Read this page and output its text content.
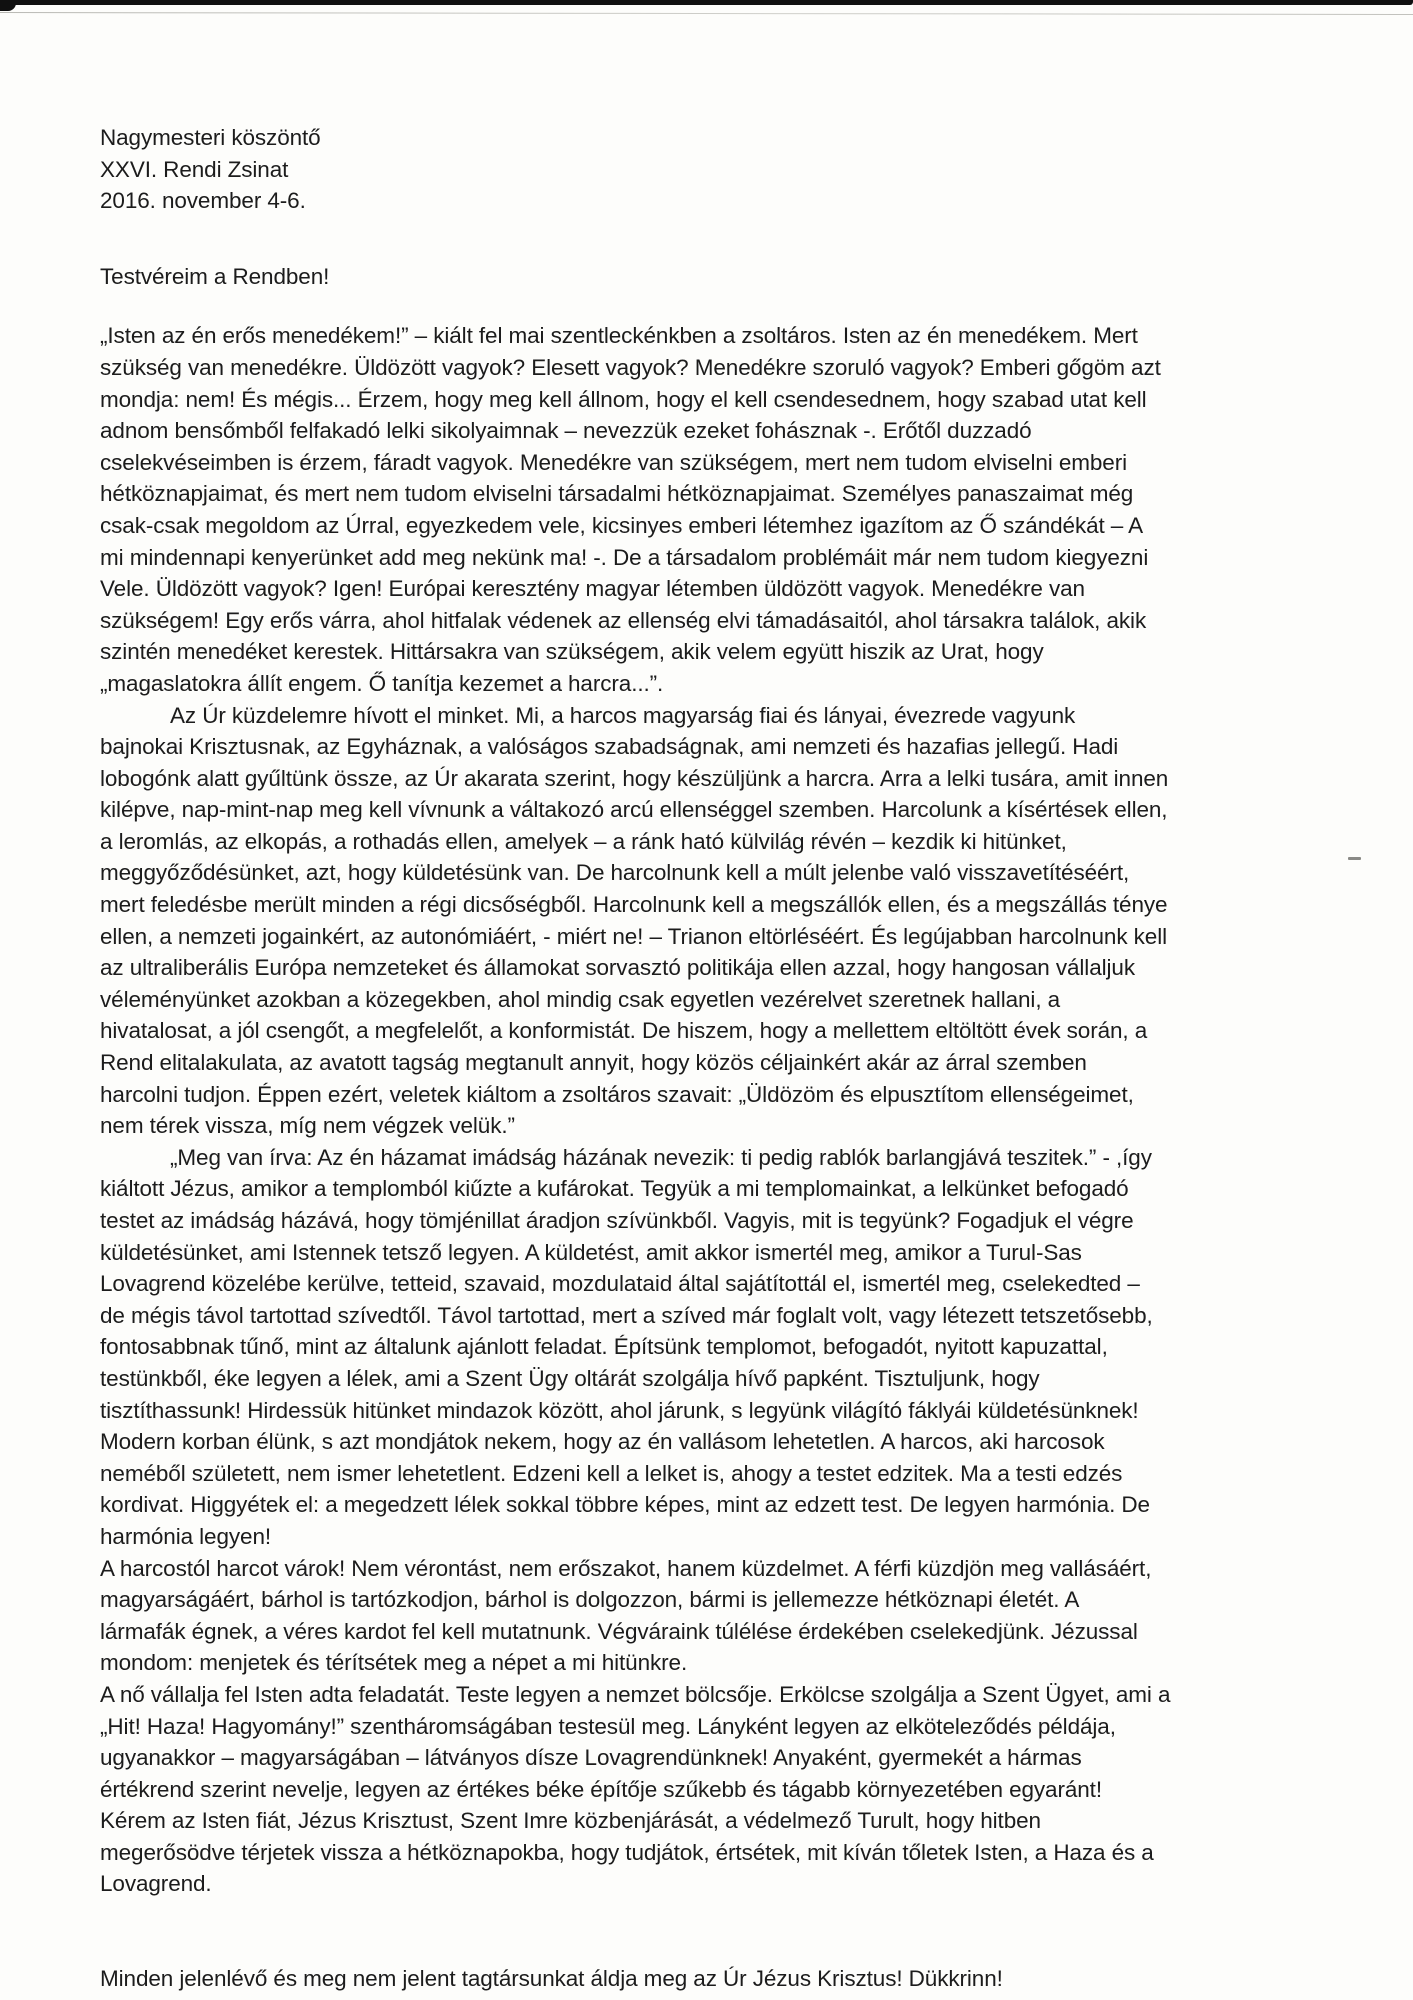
Nagymesteri köszöntő
XXVI. Rendi Zsinat
2016. november 4-6.

Testvéreim a Rendben!

„Isten az én erős menedékem!” – kiált fel mai szentleckénkben a zsoltáros. Isten az én menedékem. Mert
szükség van menedékre. Üldözött vagyok? Elesett vagyok? Menedékre szoruló vagyok? Emberi gőgöm azt
mondja: nem! És mégis... Érzem, hogy meg kell állnom, hogy el kell csendesednem, hogy szabad utat kell
adnom bensőmből felfakadó lelki sikolyaimnak – nevezzük ezeket fohásznak -. Erőtől duzzadó
cselekvéseimben is érzem, fáradt vagyok. Menedékre van szükségem, mert nem tudom elviselni emberi
hétköznapjaimat, és mert nem tudom elviselni társadalmi hétköznapjaimat. Személyes panaszaimat még
csak-csak megoldom az Úrral, egyezkedem vele, kicsinyes emberi létemhez igazítom az Ő szándékát – A
mi mindennapi kenyerünket add meg nekünk ma! -. De a társadalom problémáit már nem tudom kiegyezni
Vele. Üldözött vagyok? Igen! Európai keresztény magyar létemben üldözött vagyok. Menedékre van
szükségem! Egy erős várra, ahol hitfalak védenek az ellenség elvi támadásaitól, ahol társakra találok, akik
szintén menedéket kerestek. Hittársakra van szükségem, akik velem együtt hiszik az Urat, hogy
„magaslatokra állít engem. Ő tanítja kezemet a harcra...”.
Az Úr küzdelemre hívott el minket. Mi, a harcos magyarság fiai és lányai, évezrede vagyunk
bajnokai Krisztusnak, az Egyháznak, a valóságos szabadságnak, ami nemzeti és hazafias jellegű. Hadi
lobogónk alatt gyűltünk össze, az Úr akarata szerint, hogy készüljünk a harcra. Arra a lelki tusára, amit innen
kilépve, nap-mint-nap meg kell vívnunk a váltakozó arcú ellenséggel szemben. Harcolunk a kísértések ellen,
a leromlás, az elkopás, a rothadás ellen, amelyek – a ránk ható külvilág révén – kezdik ki hitünket,
meggyőződésünket, azt, hogy küldetésünk van. De harcolnunk kell a múlt jelenbe való visszavetítéséért,
mert feledésbe merült minden a régi dicsőségből. Harcolnunk kell a megszállók ellen, és a megszállás ténye
ellen, a nemzeti jogainkért, az autonómiáért, - miért ne! – Trianon eltörléséért. És legújabban harcolnunk kell
az ultraliberális Európa nemzeteket és államokat sorvasztó politikája ellen azzal, hogy hangosan vállaljuk
véleményünket azokban a közegekben, ahol mindig csak egyetlen vezérelvet szeretnek hallani, a
hivatalosat, a jól csengőt, a megfelelőt, a konformistát. De hiszem, hogy a mellettem eltöltött évek során, a
Rend elitalakulata, az avatott tagság megtanult annyit, hogy közös céljainkért akár az árral szemben
harcolni tudjon. Éppen ezért, veletek kiáltom a zsoltáros szavait: „Üldözöm és elpusztítom ellenségeimet,
nem térek vissza, míg nem végzek velük.”
„Meg van írva: Az én házamat imádság házának nevezik: ti pedig rablók barlangjává teszitek.” - ,így
kiáltott Jézus, amikor a templomból kiűzte a kufárokat. Tegyük a mi templomainkat, a lelkünket befogadó
testet az imádság házává, hogy tömjénillat áradjon szívünkből. Vagyis, mit is tegyünk? Fogadjuk el végre
küldetésünket, ami Istennek tetsző legyen. A küldetést, amit akkor ismertél meg, amikor a Turul-Sas
Lovagrend közelébe kerülve, tetteid, szavaid, mozdulataid által sajátítottál el, ismertél meg, cselekedted –
de mégis távol tartottad szívedtől. Távol tartottad, mert a szíved már foglalt volt, vagy létezett tetszetősebb,
fontosabbnak tűnő, mint az általunk ajánlott feladat. Építsünk templomot, befogadót, nyitott kapuzattal,
testünkből, éke legyen a lélek, ami a Szent Ügy oltárát szolgálja hívő papként. Tisztuljunk, hogy
tisztíthassunk! Hirdessük hitünket mindazok között, ahol járunk, s legyünk világító fáklyái küldetésünknek!
Modern korban élünk, s azt mondjátok nekem, hogy az én vallásom lehetetlen. A harcos, aki harcosok
neméből született, nem ismer lehetetlent. Edzeni kell a lelket is, ahogy a testet edzitek. Ma a testi edzés
kordivat. Higgyétek el: a megedzett lélek sokkal többre képes, mint az edzett test. De legyen harmónia. De
harmónia legyen!
A harcostól harcot várok! Nem vérontást, nem erőszakot, hanem küzdelmet. A férfi küzdjön meg vallásáért,
magyarságáért, bárhol is tartózkodjon, bárhol is dolgozzon, bármi is jellemezze hétköznapi életét. A
lármafák égnek, a véres kardot fel kell mutatnunk. Végváraink túlélése érdekében cselekedjünk. Jézussal
mondom: menjetek és térítsétek meg a népet a mi hitünkre.
A nő vállalja fel Isten adta feladatát. Teste legyen a nemzet bölcsője. Erkölcse szolgálja a Szent Ügyet, ami a
„Hit! Haza! Hagyomány!” szentháromságában testesül meg. Lányként legyen az elköteleződés példája,
ugyanakkor – magyarságában – látványos dísze Lovagrendünknek! Anyaként, gyermekét a hármas
értékrend szerint nevelje, legyen az értékes béke építője szűkebb és tágabb környezetében egyaránt!
Kérem az Isten fiát, Jézus Krisztust, Szent Imre közbenjárását, a védelmező Turult, hogy hitben
megerősödve térjetek vissza a hétköznapokba, hogy tudjátok, értsétek, mit kíván tőletek Isten, a Haza és a
Lovagrend.

Minden jelenlévő és meg nem jelent tagtársunkat áldja meg az Úr Jézus Krisztus! Dükkrinn!
